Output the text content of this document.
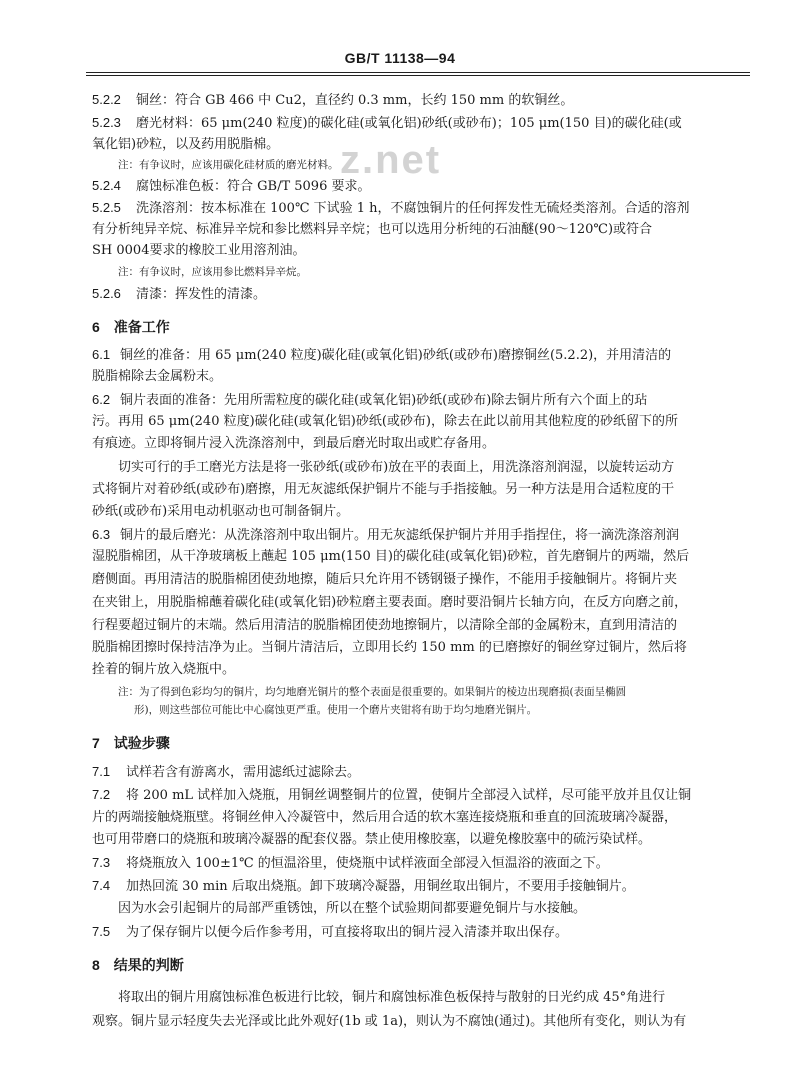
GB/T 11138—94
z.net
5.2.2 铜丝：符合 GB 466 中 Cu2，直径约 0.3 mm，长约 150 mm 的软铜丝。
5.2.3 磨光材料：65 μm(240 粒度)的碳化硅(或氧化铝)砂纸(或砂布)；105 μm(150 目)的碳化硅(或
氧化铝)砂粒，以及药用脱脂棉。
注：有争议时，应该用碳化硅材质的磨光材料。
5.2.4 腐蚀标准色板：符合 GB/T 5096 要求。
5.2.5 洗涤溶剂：按本标准在 100℃ 下试验 1 h，不腐蚀铜片的任何挥发性无硫烃类溶剂。合适的溶剂
有分析纯异辛烷、标准异辛烷和参比燃料异辛烷；也可以选用分析纯的石油醚(90～120℃)或符合
SH 0004要求的橡胶工业用溶剂油。
注：有争议时，应该用参比燃料异辛烷。
5.2.6 清漆：挥发性的清漆。
6 准备工作
6.1 铜丝的准备：用 65 μm(240 粒度)碳化硅(或氧化铝)砂纸(或砂布)磨擦铜丝(5.2.2)，并用清洁的
脱脂棉除去金属粉末。
6.2 铜片表面的准备：先用所需粒度的碳化硅(或氧化铝)砂纸(或砂布)除去铜片所有六个面上的玷
污。再用 65 μm(240 粒度)碳化硅(或氧化铝)砂纸(或砂布)，除去在此以前用其他粒度的砂纸留下的所
有痕迹。立即将铜片浸入洗涤溶剂中，到最后磨光时取出或贮存备用。
切实可行的手工磨光方法是将一张砂纸(或砂布)放在平的表面上，用洗涤溶剂润湿，以旋转运动方
式将铜片对着砂纸(或砂布)磨擦，用无灰滤纸保护铜片不能与手指接触。另一种方法是用合适粒度的干
砂纸(或砂布)采用电动机驱动也可制备铜片。
6.3 铜片的最后磨光：从洗涤溶剂中取出铜片。用无灰滤纸保护铜片并用手指捏住，将一滴洗涤溶剂润
湿脱脂棉团，从干净玻璃板上蘸起 105 μm(150 目)的碳化硅(或氧化铝)砂粒，首先磨铜片的两端，然后
磨侧面。再用清洁的脱脂棉团使劲地擦，随后只允许用不锈钢镊子操作，不能用手接触铜片。将铜片夹
在夹钳上，用脱脂棉蘸着碳化硅(或氧化铝)砂粒磨主要表面。磨时要沿铜片长轴方向，在反方向磨之前，
行程要超过铜片的末端。然后用清洁的脱脂棉团使劲地擦铜片，以清除全部的金属粉末，直到用清洁的
脱脂棉团擦时保持洁净为止。当铜片清洁后，立即用长约 150 mm 的已磨擦好的铜丝穿过铜片，然后将
拴着的铜片放入烧瓶中。
注：为了得到色彩均匀的铜片，均匀地磨光铜片的整个表面是很重要的。如果铜片的棱边出现磨损(表面呈椭圆
形)，则这些部位可能比中心腐蚀更严重。使用一个磨片夹钳将有助于均匀地磨光铜片。
7 试验步骤
7.1 试样若含有游离水，需用滤纸过滤除去。
7.2 将 200 mL 试样加入烧瓶，用铜丝调整铜片的位置，使铜片全部浸入试样，尽可能平放并且仅让铜
片的两端接触烧瓶壁。将铜丝伸入冷凝管中，然后用合适的软木塞连接烧瓶和垂直的回流玻璃冷凝器，
也可用带磨口的烧瓶和玻璃冷凝器的配套仪器。禁止使用橡胶塞，以避免橡胶塞中的硫污染试样。
7.3 将烧瓶放入 100±1℃ 的恒温浴里，使烧瓶中试样液面全部浸入恒温浴的液面之下。
7.4 加热回流 30 min 后取出烧瓶。卸下玻璃冷凝器，用铜丝取出铜片，不要用手接触铜片。
因为水会引起铜片的局部严重锈蚀，所以在整个试验期间都要避免铜片与水接触。
7.5 为了保存铜片以便今后作参考用，可直接将取出的铜片浸入清漆并取出保存。
8 结果的判断
将取出的铜片用腐蚀标准色板进行比较，铜片和腐蚀标准色板保持与散射的日光约成 45°角进行
观察。铜片显示轻度失去光泽或比此外观好(1b 或 1a)，则认为不腐蚀(通过)。其他所有变化，则认为有
